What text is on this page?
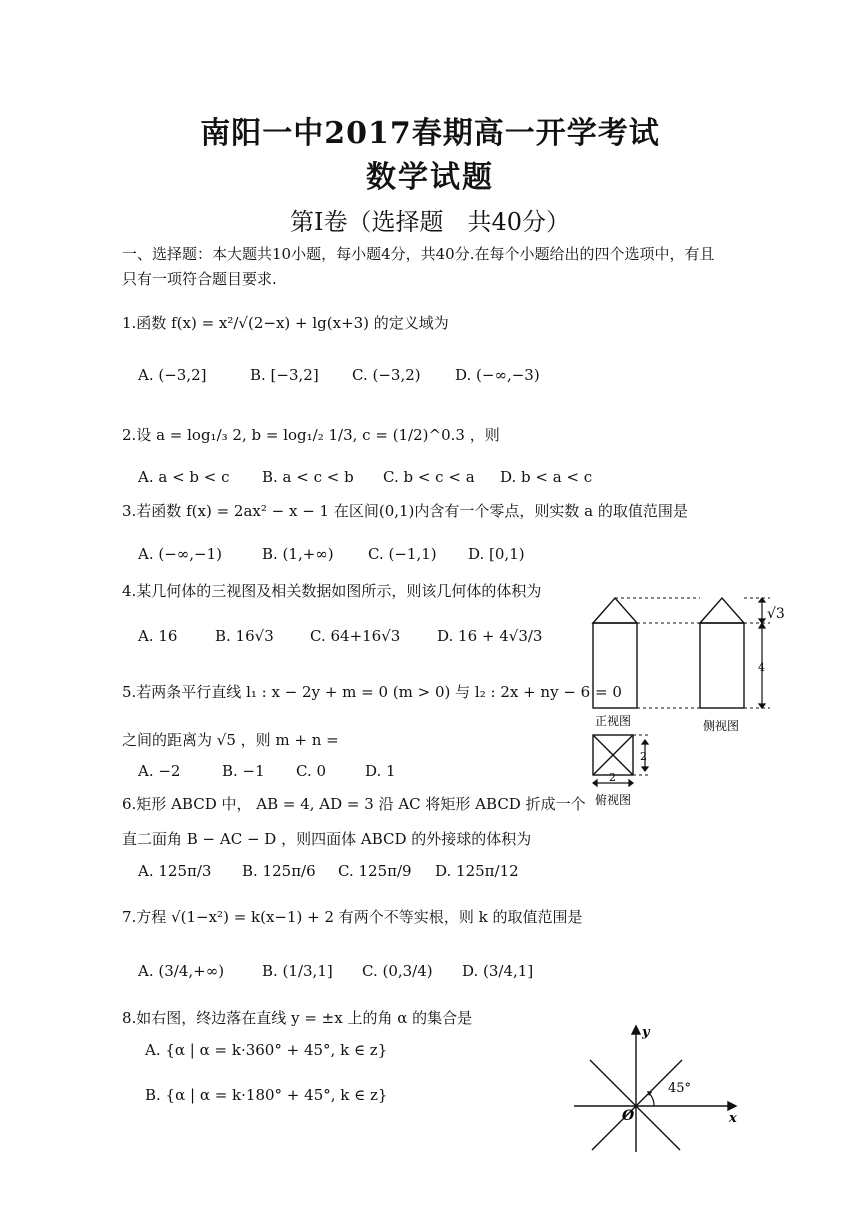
南阳一中2017春期高一开学考试
数学试题
第Ⅰ卷（选择题　共40分）
一、选择题：本大题共10小题，每小题4分，共40分.在每个小题给出的四个选项中，有且
只有一项符合题目要求.
1.函数 f(x) = x²/√(2−x) + lg(x+3) 的定义域为
A. (−3,2]	B. [−3,2] C. (−3,2) D. (−∞,−3)
2.设 a = log₁/₃ 2, b = log₁/₂ 1/3, c = (1/2)^0.3 ，则
A. a < b < c B. a < c < b C. b < c < a D. b < a < c
3.若函数 f(x) = 2ax² − x − 1 在区间(0,1)内含有一个零点，则实数 a 的取值范围是
A. (−∞,−1)	B. (1,+∞) C. (−1,1) D. [0,1)
4.某几何体的三视图及相关数据如图所示，则该几何体的体积为
A. 16	B. 16√3 C. 64+16√3 D. 16 + 4√3/3
5.若两条平行直线 l₁ : x − 2y + m = 0 (m > 0) 与 l₂ : 2x + ny − 6 = 0
之间的距离为 √5 ，则 m + n =
A. −2	B. −1 C. 0	D. 1
6.矩形 ABCD 中， AB = 4, AD = 3 沿 AC 将矩形 ABCD 折成一个
直二面角 B − AC − D ，则四面体 ABCD 的外接球的体积为
A. 125π/3 B. 125π/6 C. 125π/9 D. 125π/12
7.方程 √(1−x²) = k(x−1) + 2 有两个不等实根，则 k 的取值范围是
A. (3/4,+∞)	B. (1/3,1] C. (0,3/4) D. (3/4,1]
8.如右图，终边落在直线 y = ±x 上的角 α 的集合是
A. {α | α = k·360° + 45°, k ∈ z}
B. {α | α = k·180° + 45°, k ∈ z}
√3
4
正视图	侧视图
2
2
俯视图
y
x
O
45°
